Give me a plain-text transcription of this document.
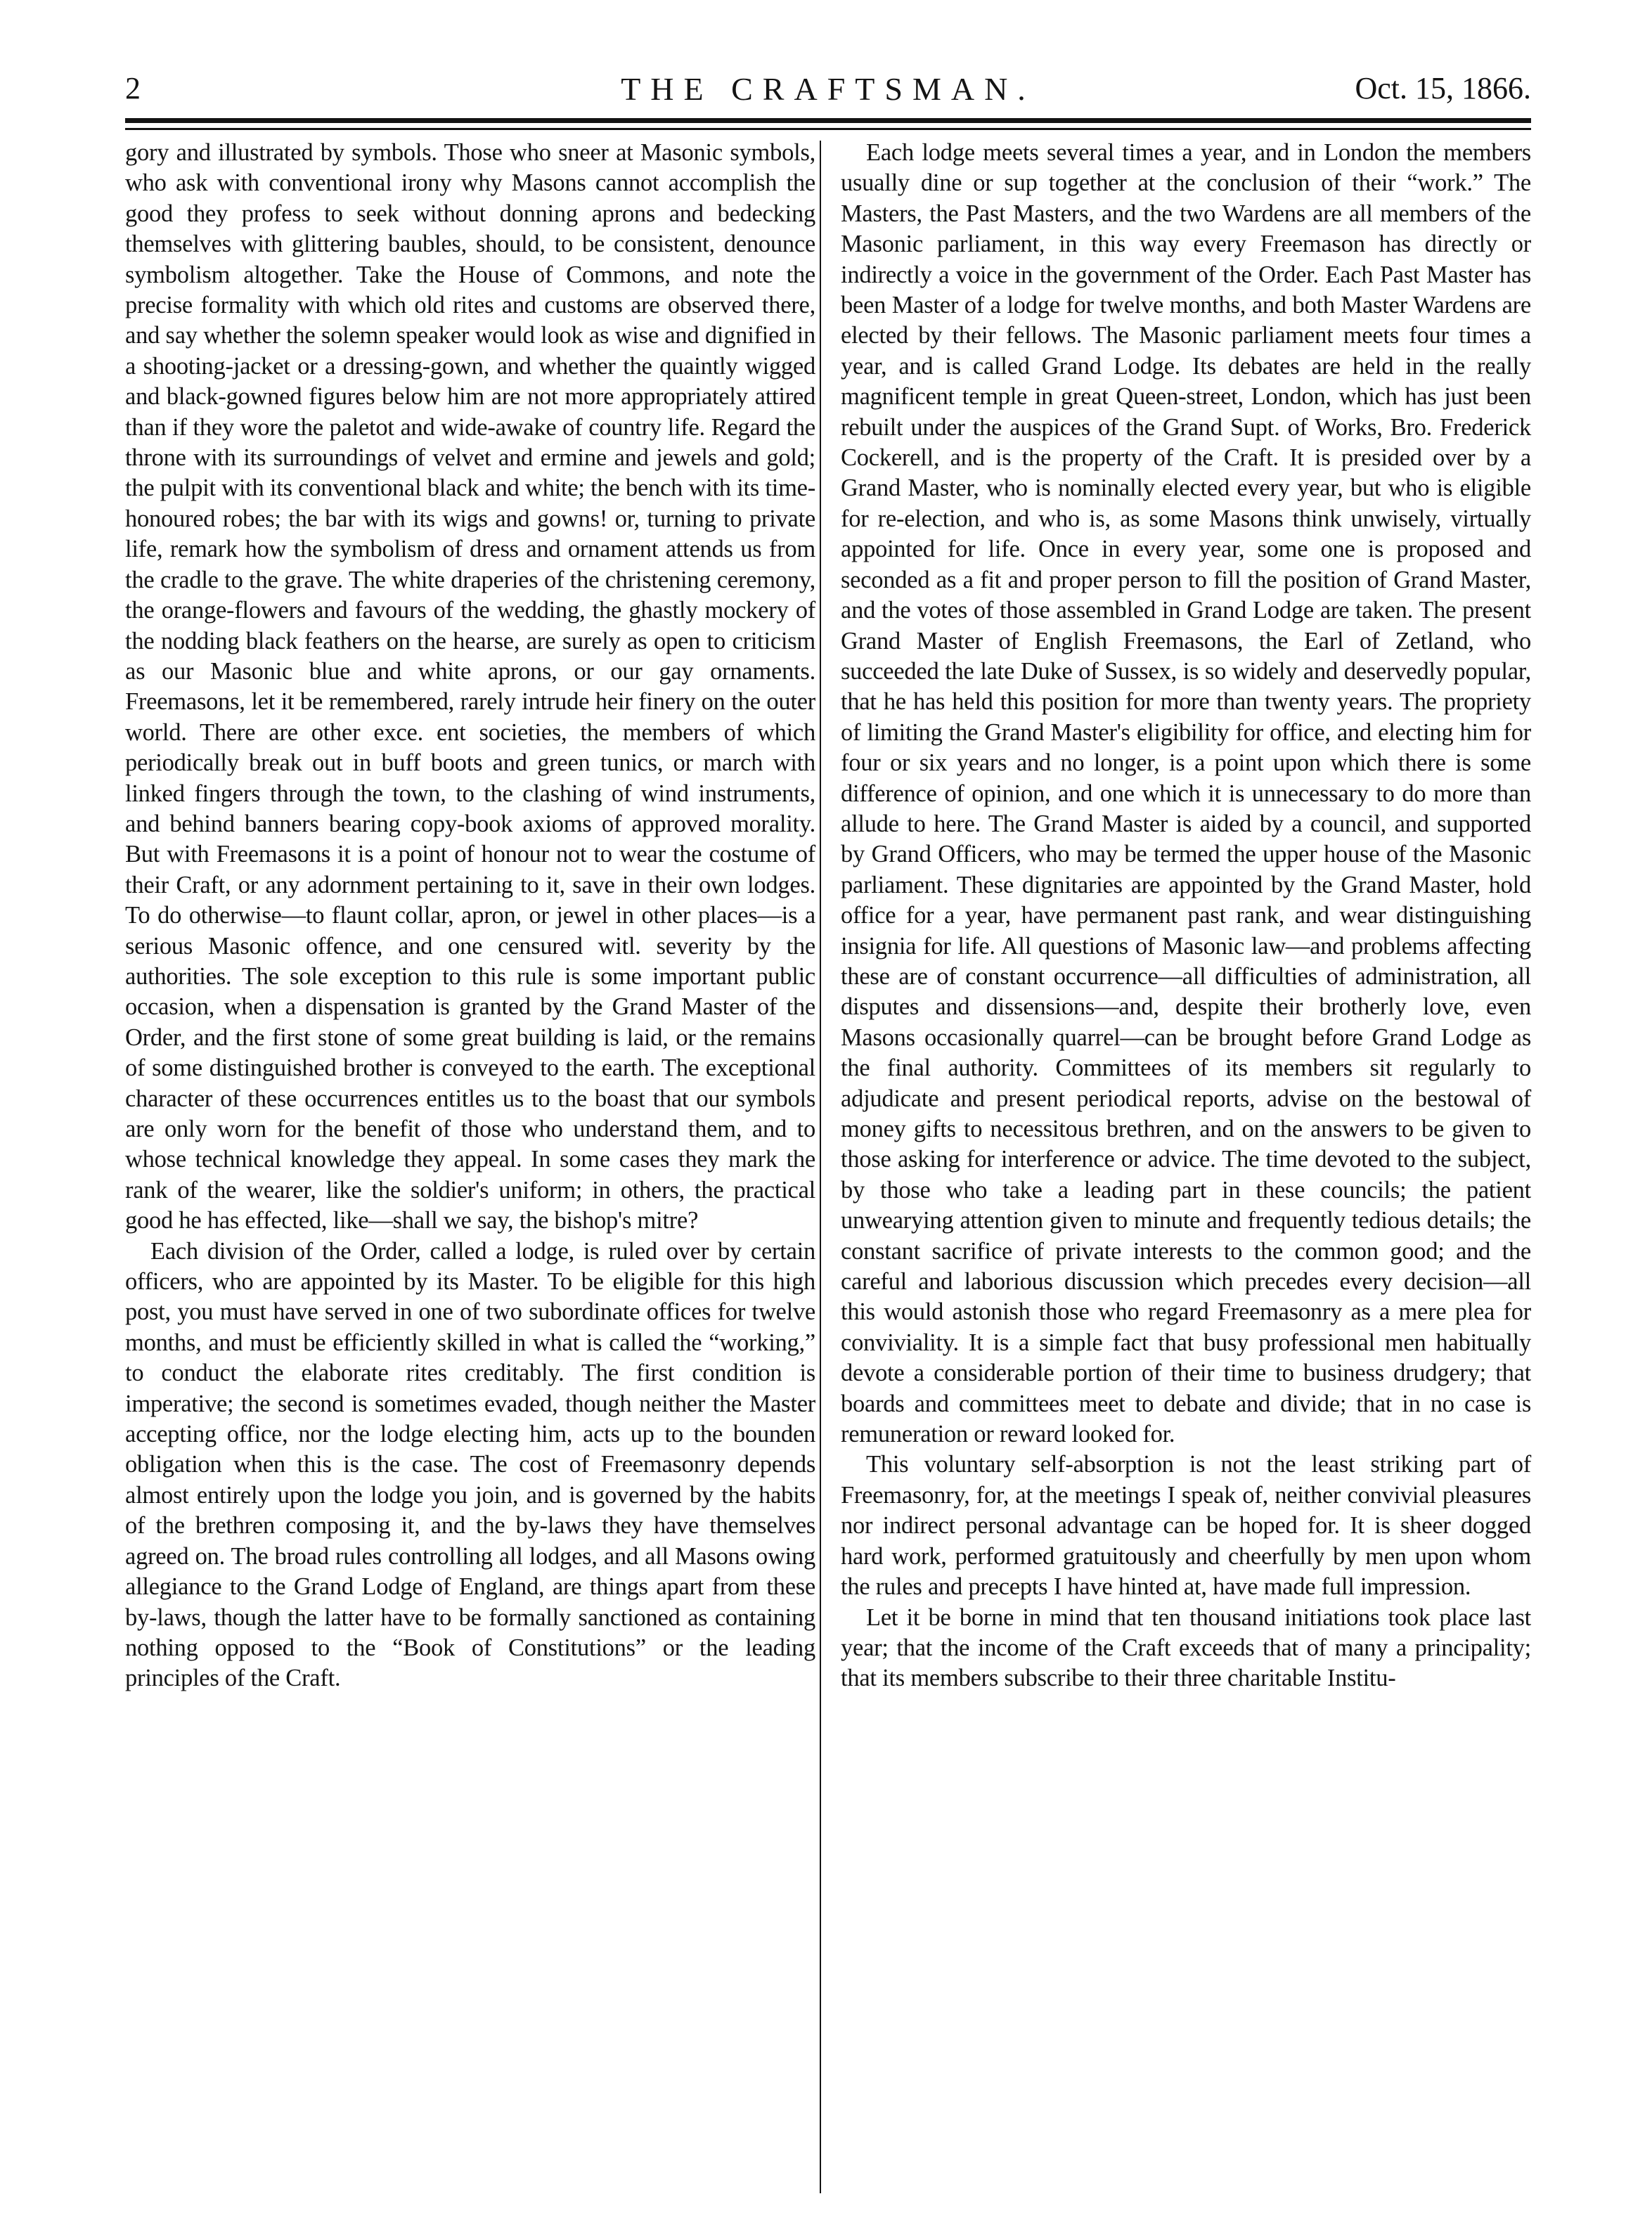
2	THE CRAFTSMAN.	Oct. 15, 1866.

gory and illustrated by symbols. Those who sneer at Masonic symbols, who ask with conventional irony why Masons cannot accomplish the good they profess to seek without donning aprons and bedecking themselves with glittering baubles, should, to be consistent, denounce symbolism altogether. Take the House of Commons, and note the precise formality with which old rites and customs are observed there, and say whether the solemn speaker would look as wise and dignified in a shooting-jacket or a dressing-gown, and whether the quaintly wigged and black-gowned figures below him are not more appropriately attired than if they wore the paletot and wide-awake of country life. Regard the throne with its surroundings of velvet and ermine and jewels and gold; the pulpit with its conventional black and white; the bench with its time-honoured robes; the bar with its wigs and gowns! or, turning to private life, remark how the symbolism of dress and ornament attends us from the cradle to the grave. The white draperies of the christening ceremony, the orange-flowers and favours of the wedding, the ghastly mockery of the nodding black feathers on the hearse, are surely as open to criticism as our Masonic blue and white aprons, or our gay ornaments. Freemasons, let it be remembered, rarely intrude heir finery on the outer world. There are other exce. ent societies, the members of which periodically break out in buff boots and green tunics, or march with linked fingers through the town, to the clashing of wind instruments, and behind banners bearing copy-book axioms of approved morality. But with Freemasons it is a point of honour not to wear the costume of their Craft, or any adornment pertaining to it, save in their own lodges. To do otherwise—to flaunt collar, apron, or jewel in other places—is a serious Masonic offence, and one censured witl. severity by the authorities. The sole exception to this rule is some important public occasion, when a dispensation is granted by the Grand Master of the Order, and the first stone of some great building is laid, or the remains of some distinguished brother is conveyed to the earth. The exceptional character of these occurrences entitles us to the boast that our symbols are only worn for the benefit of those who understand them, and to whose technical knowledge they appeal. In some cases they mark the rank of the wearer, like the soldier's uniform; in others, the practical good he has effected, like—shall we say, the bishop's mitre?

Each division of the Order, called a lodge, is ruled over by certain officers, who are appointed by its Master. To be eligible for this high post, you must have served in one of two subordinate offices for twelve months, and must be efficiently skilled in what is called the “working,” to conduct the elaborate rites creditably. The first condition is imperative; the second is sometimes evaded, though neither the Master accepting office, nor the lodge electing him, acts up to the bounden obligation when this is the case. The cost of Freemasonry depends almost entirely upon the lodge you join, and is governed by the habits of the brethren composing it, and the by-laws they have themselves agreed on. The broad rules controlling all lodges, and all Masons owing allegiance to the Grand Lodge of England, are things apart from these by-laws, though the latter have to be formally sanctioned as containing nothing opposed to the “Book of Constitutions” or the leading principles of the Craft.

Each lodge meets several times a year, and in London the members usually dine or sup together at the conclusion of their “work.” The Masters, the Past Masters, and the two Wardens are all members of the Masonic parliament, in this way every Freemason has directly or indirectly a voice in the government of the Order. Each Past Master has been Master of a lodge for twelve months, and both Master Wardens are elected by their fellows. The Masonic parliament meets four times a year, and is called Grand Lodge. Its debates are held in the really magnificent temple in great Queen-street, London, which has just been rebuilt under the auspices of the Grand Supt. of Works, Bro. Frederick Cockerell, and is the property of the Craft. It is presided over by a Grand Master, who is nominally elected every year, but who is eligible for re-election, and who is, as some Masons think unwisely, virtually appointed for life. Once in every year, some one is proposed and seconded as a fit and proper person to fill the position of Grand Master, and the votes of those assembled in Grand Lodge are taken. The present Grand Master of English Freemasons, the Earl of Zetland, who succeeded the late Duke of Sussex, is so widely and deservedly popular, that he has held this position for more than twenty years. The propriety of limiting the Grand Master's eligibility for office, and electing him for four or six years and no longer, is a point upon which there is some difference of opinion, and one which it is unnecessary to do more than allude to here. The Grand Master is aided by a council, and supported by Grand Officers, who may be termed the upper house of the Masonic parliament. These dignitaries are appointed by the Grand Master, hold office for a year, have permanent past rank, and wear distinguishing insignia for life. All questions of Masonic law—and problems affecting these are of constant occurrence—all difficulties of administration, all disputes and dissensions—and, despite their brotherly love, even Masons occasionally quarrel—can be brought before Grand Lodge as the final authority. Committees of its members sit regularly to adjudicate and present periodical reports, advise on the bestowal of money gifts to necessitous brethren, and on the answers to be given to those asking for interference or advice. The time devoted to the subject, by those who take a leading part in these councils; the patient unwearying attention given to minute and frequently tedious details; the constant sacrifice of private interests to the common good; and the careful and laborious discussion which precedes every decision—all this would astonish those who regard Freemasonry as a mere plea for conviviality. It is a simple fact that busy professional men habitually devote a considerable portion of their time to business drudgery; that boards and committees meet to debate and divide; that in no case is remuneration or reward looked for.

This voluntary self-absorption is not the least striking part of Freemasonry, for, at the meetings I speak of, neither convivial pleasures nor indirect personal advantage can be hoped for. It is sheer dogged hard work, performed gratuitously and cheerfully by men upon whom the rules and precepts I have hinted at, have made full impression.

Let it be borne in mind that ten thousand initiations took place last year; that the income of the Craft exceeds that of many a principality; that its members subscribe to their three charitable Institu-
